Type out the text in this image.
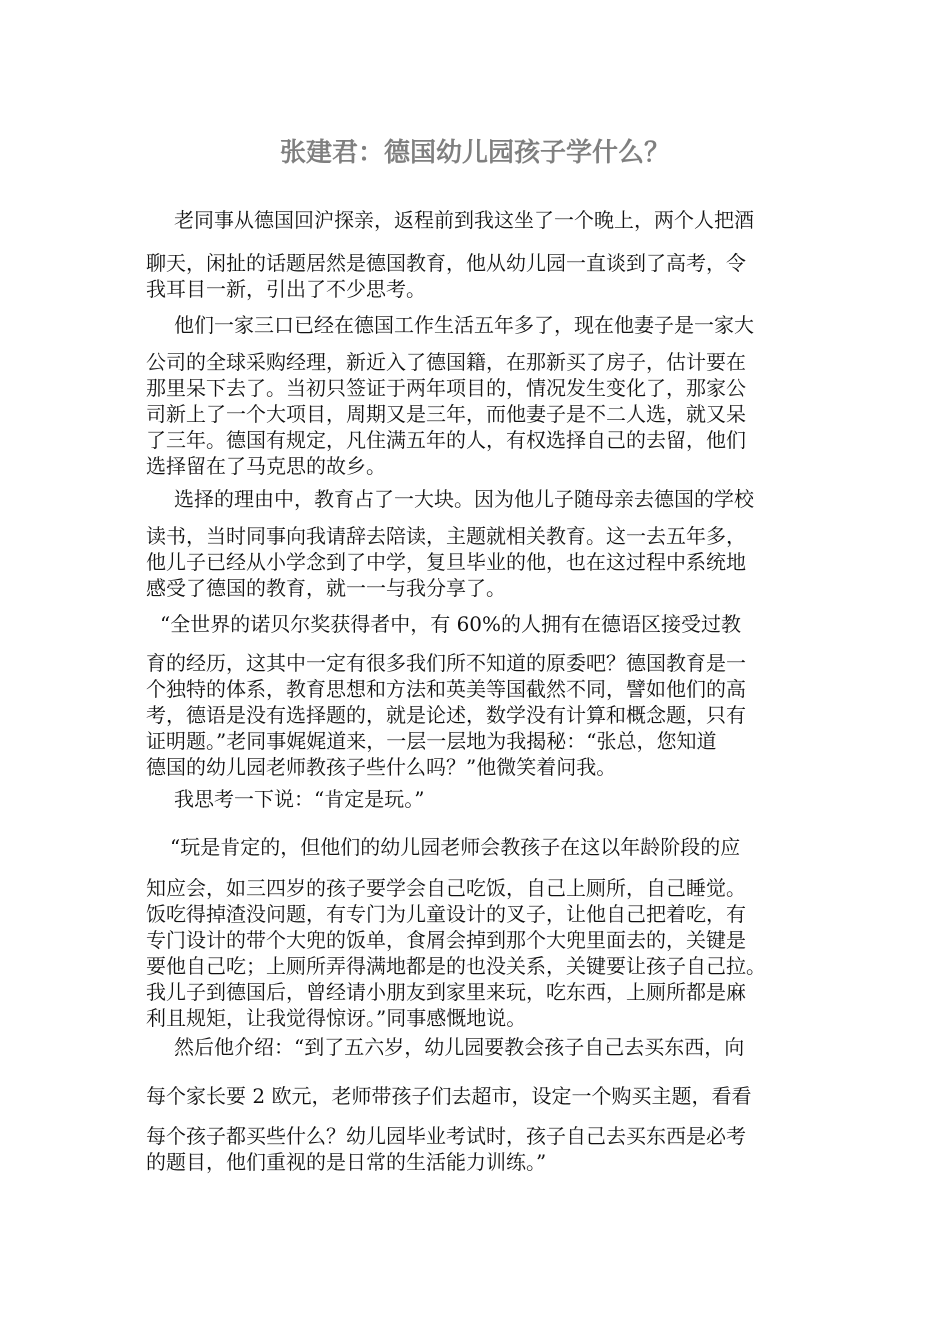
张建君：德国幼儿园孩子学什么？
老同事从德国回沪探亲，返程前到我这坐了一个晚上，两个人把酒
聊天，闲扯的话题居然是德国教育，他从幼儿园一直谈到了高考，令
我耳目一新，引出了不少思考。
他们一家三口已经在德国工作生活五年多了，现在他妻子是一家大
公司的全球采购经理，新近入了德国籍，在那新买了房子，估计要在
那里呆下去了。当初只签证于两年项目的，情况发生变化了，那家公
司新上了一个大项目，周期又是三年，而他妻子是不二人选，就又呆
了三年。德国有规定，凡住满五年的人，有权选择自己的去留，他们
选择留在了马克思的故乡。
选择的理由中，教育占了一大块。因为他儿子随母亲去德国的学校
读书，当时同事向我请辞去陪读，主题就相关教育。这一去五年多，
他儿子已经从小学念到了中学，复旦毕业的他，也在这过程中系统地
感受了德国的教育，就一一与我分享了。
“全世界的诺贝尔奖获得者中，有 60%的人拥有在德语区接受过教
育的经历，这其中一定有很多我们所不知道的原委吧？德国教育是一
个独特的体系，教育思想和方法和英美等国截然不同，譬如他们的高
考，德语是没有选择题的，就是论述，数学没有计算和概念题，只有
证明题。”老同事娓娓道来，一层一层地为我揭秘：“张总，您知道
德国的幼儿园老师教孩子些什么吗？”他微笑着问我。
我思考一下说：“肯定是玩。”
“玩是肯定的，但他们的幼儿园老师会教孩子在这以年龄阶段的应
知应会，如三四岁的孩子要学会自己吃饭，自己上厕所，自己睡觉。
饭吃得掉渣没问题，有专门为儿童设计的叉子，让他自己把着吃，有
专门设计的带个大兜的饭单，食屑会掉到那个大兜里面去的，关键是
要他自己吃；上厕所弄得满地都是的也没关系，关键要让孩子自己拉。
我儿子到德国后，曾经请小朋友到家里来玩，吃东西，上厕所都是麻
利且规矩，让我觉得惊讶。”同事感慨地说。
然后他介绍：“到了五六岁，幼儿园要教会孩子自己去买东西，向
每个家长要 2 欧元，老师带孩子们去超市，设定一个购买主题，看看
每个孩子都买些什么？幼儿园毕业考试时，孩子自己去买东西是必考
的题目，他们重视的是日常的生活能力训练。”
